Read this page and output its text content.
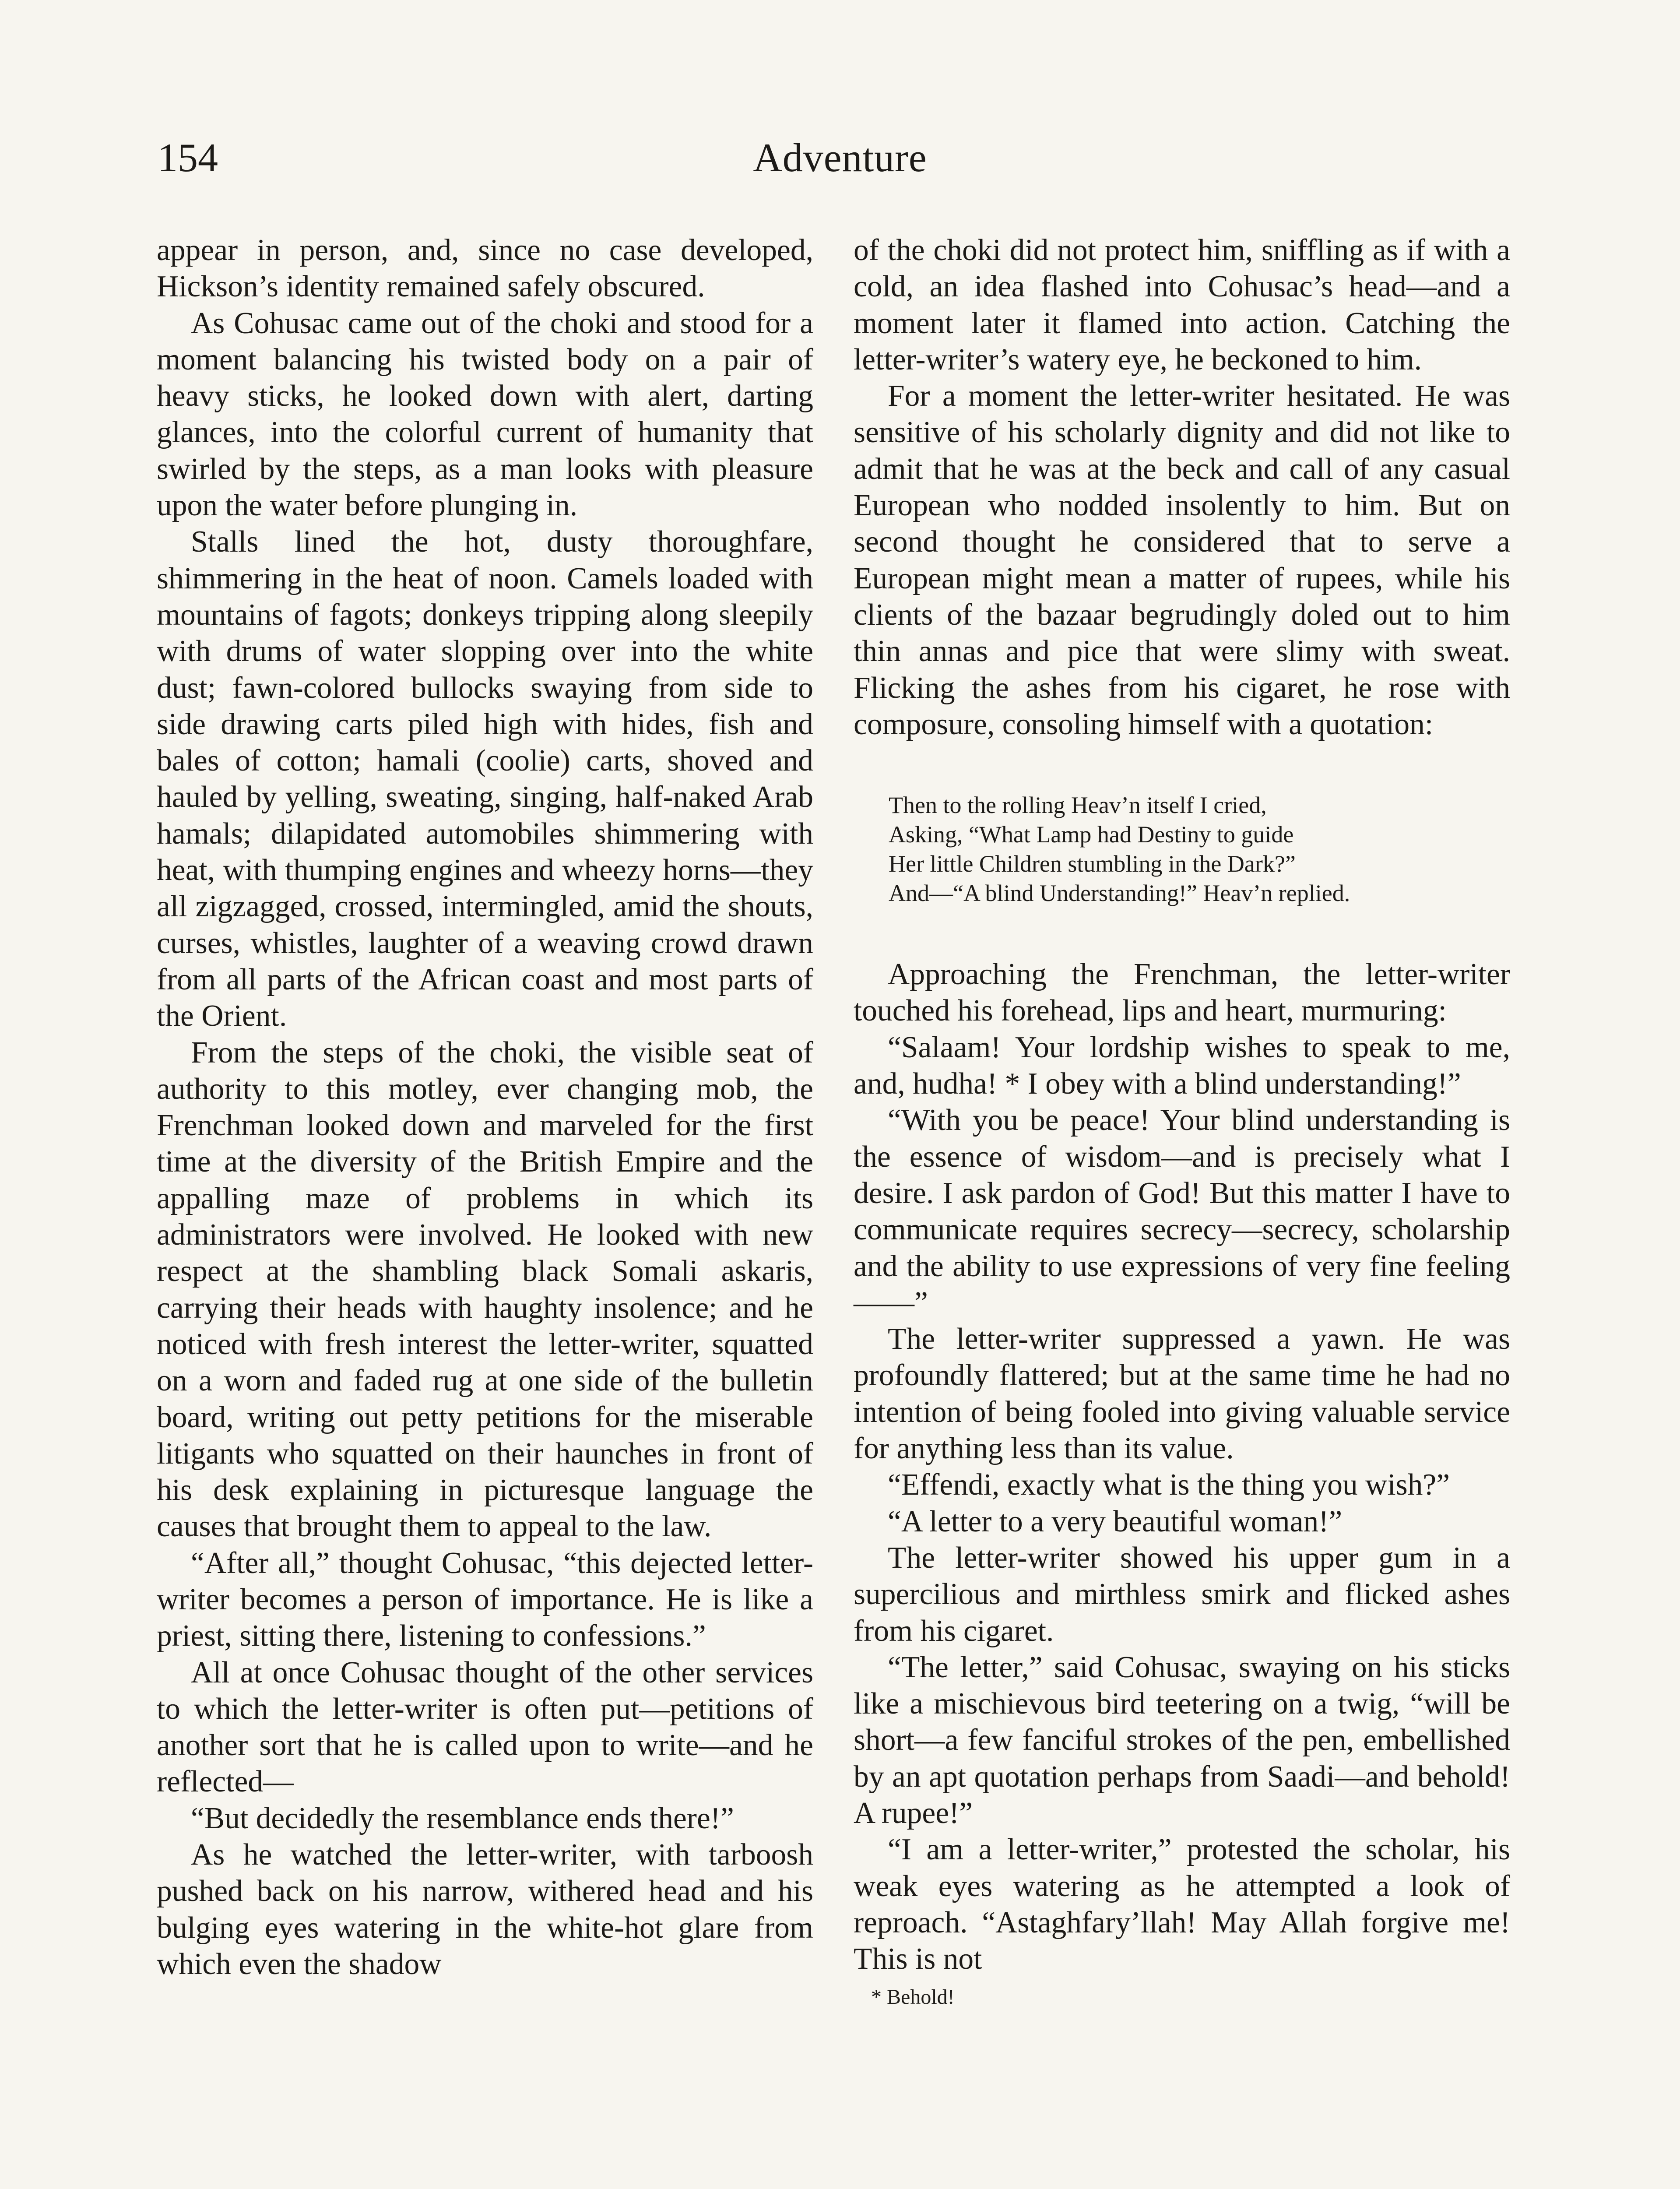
154	Adventure

appear in person, and, since no case developed, Hickson’s identity remained safely obscured.

As Cohusac came out of the choki and stood for a moment balancing his twisted body on a pair of heavy sticks, he looked down with alert, darting glances, into the colorful current of humanity that swirled by the steps, as a man looks with pleasure upon the water before plunging in.

Stalls lined the hot, dusty thoroughfare, shimmering in the heat of noon. Camels loaded with mountains of fagots; donkeys tripping along sleepily with drums of water slopping over into the white dust; fawn-colored bullocks swaying from side to side drawing carts piled high with hides, fish and bales of cotton; hamali (coolie) carts, shoved and hauled by yelling, sweating, singing, half-naked Arab hamals; dilapidated automobiles shimmering with heat, with thumping engines and wheezy horns—they all zigzagged, crossed, intermingled, amid the shouts, curses, whistles, laughter of a weaving crowd drawn from all parts of the African coast and most parts of the Orient.

From the steps of the choki, the visible seat of authority to this motley, ever changing mob, the Frenchman looked down and marveled for the first time at the diversity of the British Empire and the appalling maze of problems in which its administrators were involved. He looked with new respect at the shambling black Somali askaris, carrying their heads with haughty insolence; and he noticed with fresh interest the letter-writer, squatted on a worn and faded rug at one side of the bulletin board, writing out petty petitions for the miserable litigants who squatted on their haunches in front of his desk explaining in picturesque language the causes that brought them to appeal to the law.

“After all,” thought Cohusac, “this dejected letter-writer becomes a person of importance. He is like a priest, sitting there, listening to confessions.”

All at once Cohusac thought of the other services to which the letter-writer is often put—petitions of another sort that he is called upon to write—and he reflected—

“But decidedly the resemblance ends there!”

As he watched the letter-writer, with tarboosh pushed back on his narrow, withered head and his bulging eyes watering in the white-hot glare from which even the shadow

of the choki did not protect him, sniffling as if with a cold, an idea flashed into Cohusac’s head—and a moment later it flamed into action. Catching the letter-writer’s watery eye, he beckoned to him.

For a moment the letter-writer hesitated. He was sensitive of his scholarly dignity and did not like to admit that he was at the beck and call of any casual European who nodded insolently to him. But on second thought he considered that to serve a European might mean a matter of rupees, while his clients of the bazaar begrudingly doled out to him thin annas and pice that were slimy with sweat. Flicking the ashes from his cigaret, he rose with composure, consoling himself with a quotation:

Then to the rolling Heav’n itself I cried,
Asking, “What Lamp had Destiny to guide
Her little Children stumbling in the Dark?”
And—“A blind Understanding!” Heav’n replied.

Approaching the Frenchman, the letter-writer touched his forehead, lips and heart, murmuring:

“Salaam! Your lordship wishes to speak to me, and, hudha! * I obey with a blind understanding!”

“With you be peace! Your blind understanding is the essence of wisdom—and is precisely what I desire. I ask pardon of God! But this matter I have to communicate requires secrecy—secrecy, scholarship and the ability to use expressions of very fine feeling——”

The letter-writer suppressed a yawn. He was profoundly flattered; but at the same time he had no intention of being fooled into giving valuable service for anything less than its value.

“Effendi, exactly what is the thing you wish?”

“A letter to a very beautiful woman!”

The letter-writer showed his upper gum in a supercilious and mirthless smirk and flicked ashes from his cigaret.

“The letter,” said Cohusac, swaying on his sticks like a mischievous bird teetering on a twig, “will be short—a few fanciful strokes of the pen, embellished by an apt quotation perhaps from Saadi—and behold! A rupee!”

“I am a letter-writer,” protested the scholar, his weak eyes watering as he attempted a look of reproach. “Astaghfary’llah! May Allah forgive me! This is not

* Behold!
